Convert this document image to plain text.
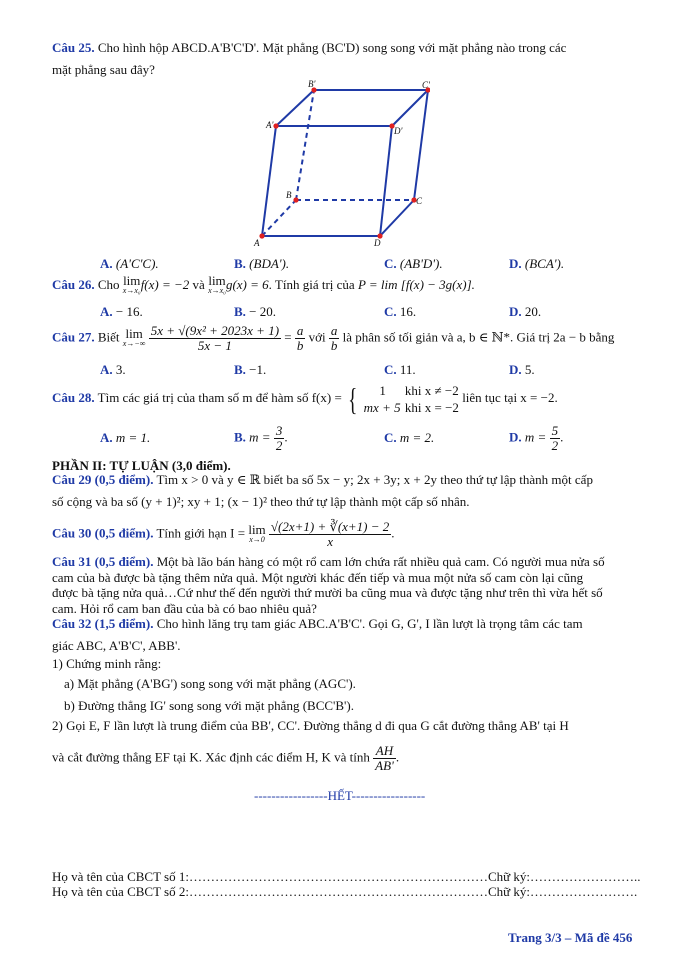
Câu 25. Cho hình hộp ABCD.A'B'C'D'. Mặt phẳng (BC'D) song song với mặt phẳng nào trong các
mặt phẳng sau đây?
A	D
C
B
A'
D'
C'
B'
A. (A'C'C).	B. (BDA').	C. (AB'D').	D. (BCA').
Câu 26. Cho lim
x→x₀ f(x) = −2 và lim
x→x₀ g(x) = 6. Tính giá trị của P = lim [f(x) − 3g(x)].
A. − 16.	B. − 20.	C. 16.	D. 20.
Câu 27. Biết lim
x→−∞
$\frac{\text{5x + √(9x² + 2023x + 1)}}{5x - 1} = \frac{a}{b}$ với $\frac{a}{b}$ là phân số tối giản và a, b ∈ ℕ*. Giá trị 2a − b bằng
A. 3.	B. −1.	C. 11.	D. 5.
Câu 28. Tìm các giá trị của tham số m để hàm số f(x) = {	1 khi x ≠ −2
mx + 5 khi x = −2
liên tục tại x = −2.
A. m = 1.	B. $m = \frac{3}{2}$ .	C. m = 2.	D. $m = \frac{5}{2}$ .
PHẦN II: TỰ LUẬN (3,0 điểm).
Câu 29 (0,5 điểm). Tìm x > 0 và y ∈ ℝ biết ba số 5x − y; 2x + 3y; x + 2y theo thứ tự lập thành một cấp
số cộng và ba số (y + 1)²; xy + 1; (x − 1)² theo thứ tự lập thành một cấp số nhân.
Câu 30 (0,5 điểm). Tính giới hạn I = lim
x→0
$\frac{√(2x+1) + ∛(x+1) - 2}{x}$ .
Câu 31 (0,5 điểm). Một bà lão bán hàng có một rổ cam lớn chứa rất nhiều quả cam. Có người mua nửa số
cam của bà được bà tặng thêm nửa quả. Một người khác đến tiếp và mua một nửa số cam còn lại cũng
được bà tặng nửa quả…Cứ như thế đến người thứ mười ba cũng mua và được tặng như trên thì vừa hết số
cam. Hỏi rổ cam ban đầu của bà có bao nhiêu quả?
Câu 32 (1,5 điểm). Cho hình lăng trụ tam giác ABC.A'B'C'. Gọi G, G', I lần lượt là trọng tâm các tam
giác ABC, A'B'C', ABB'.
1) Chứng minh rằng:
a) Mặt phẳng (A'BG') song song với mặt phẳng (AGC').
b) Đường thẳng IG' song song với mặt phẳng (BCC'B').
2) Gọi E, F lần lượt là trung điểm của BB', CC'. Đường thẳng d đi qua G cắt đường thẳng AB' tại H
và cắt đường thẳng EF tại K. Xác định các điểm H, K và tính $\frac{AH}{AB'}$ .
-----------------HẾT-----------------
Họ và tên của CBCT số 1:……………………………………………………………Chữ ký:……………………..
Họ và tên của CBCT số 2:……………………………………………………………Chữ ký:…………………….
Trang 3/3 – Mã đề 456
